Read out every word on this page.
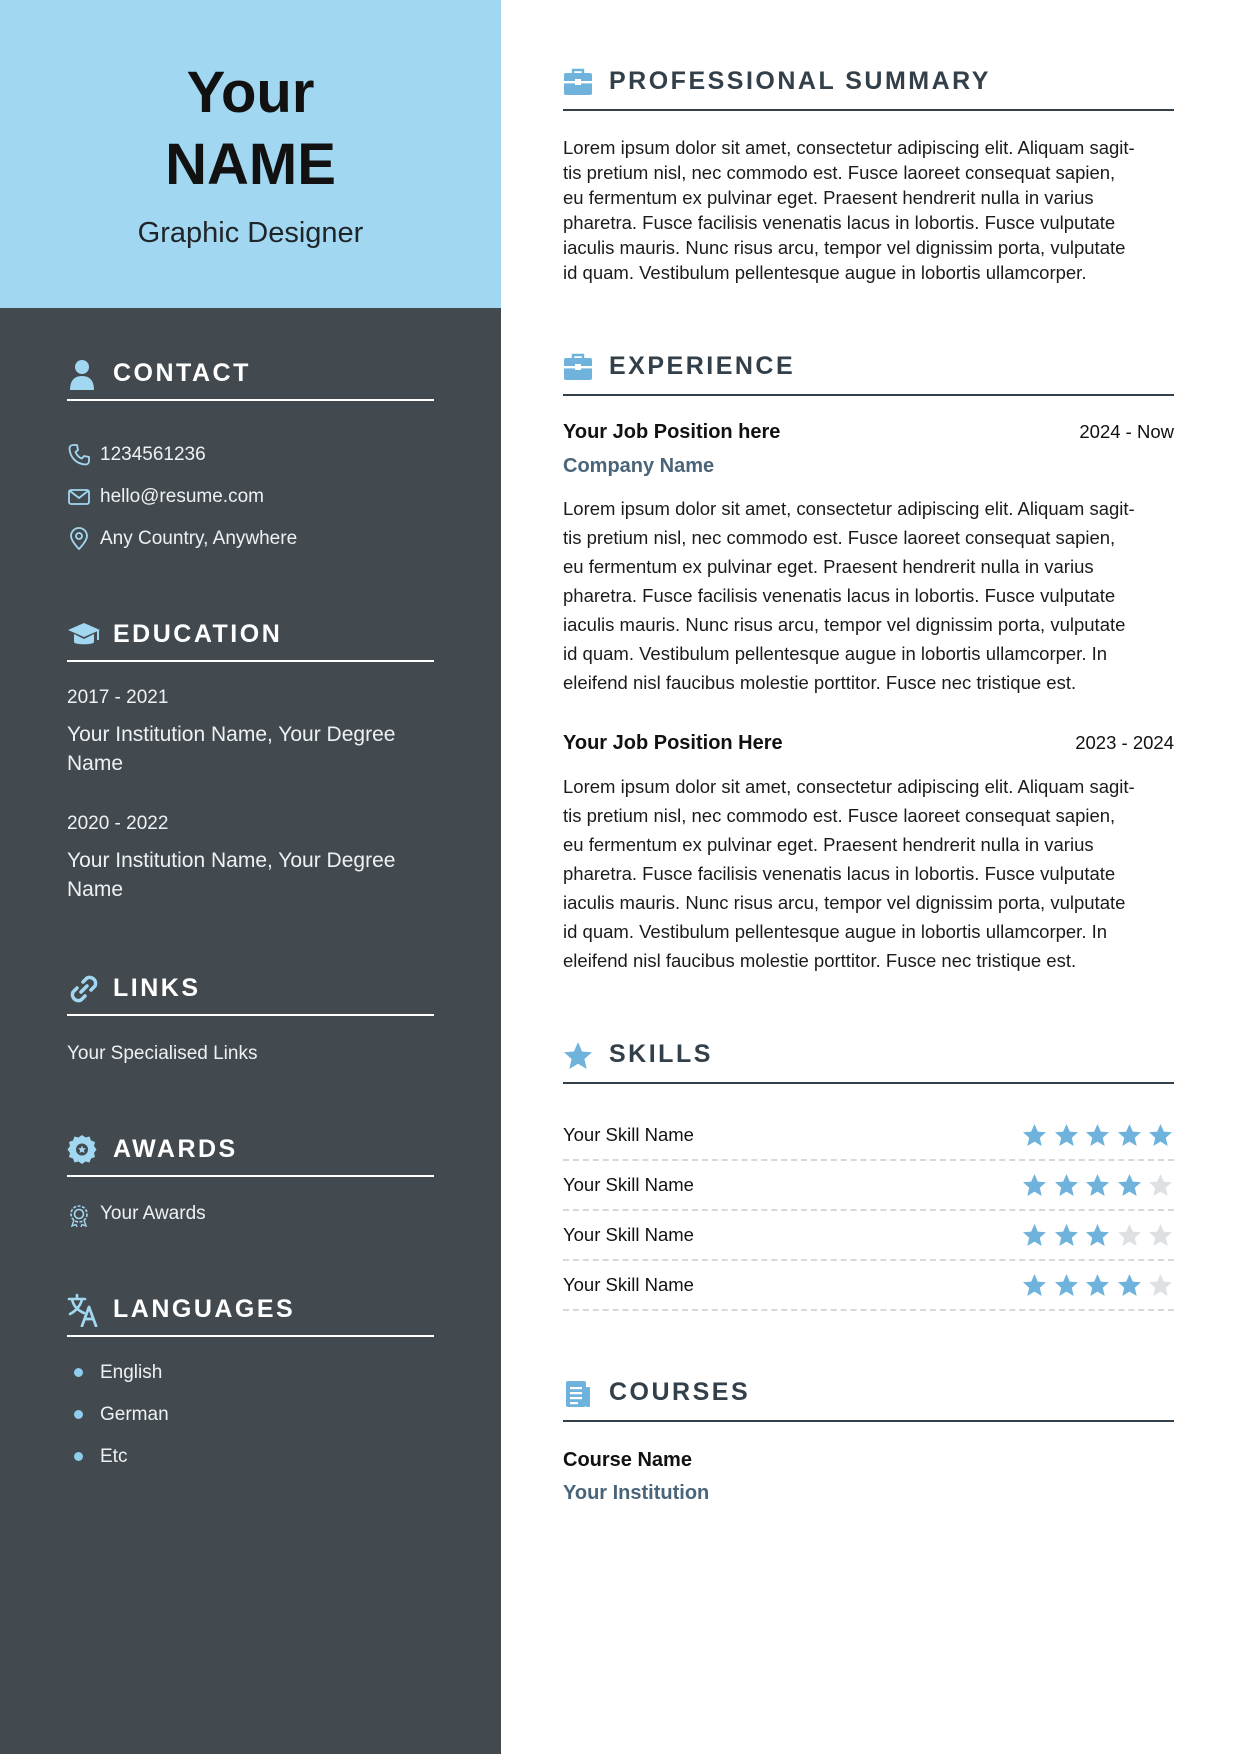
Your
NAME
Graphic Designer
CONTACT
1234561236
hello@resume.com
Any Country, Anywhere
EDUCATION
2017 - 2021
Your Institution Name, Your Degree Name
2020 - 2022
Your Institution Name, Your Degree Name
LINKS
Your Specialised Links
AWARDS
Your Awards
LANGUAGES
English
German
Etc
PROFESSIONAL SUMMARY
Lorem ipsum dolor sit amet, consectetur adipiscing elit. Aliquam sagit-
tis pretium nisl, nec commodo est. Fusce laoreet consequat sapien,
eu fermentum ex pulvinar eget. Praesent hendrerit nulla in varius
pharetra. Fusce facilisis venenatis lacus in lobortis. Fusce vulputate
iaculis mauris. Nunc risus arcu, tempor vel dignissim porta, vulputate
id quam. Vestibulum pellentesque augue in lobortis ullamcorper.
EXPERIENCE
Your Job Position here	2024 - Now
Company Name
Lorem ipsum dolor sit amet, consectetur adipiscing elit. Aliquam sagit-
tis pretium nisl, nec commodo est. Fusce laoreet consequat sapien,
eu fermentum ex pulvinar eget. Praesent hendrerit nulla in varius
pharetra. Fusce facilisis venenatis lacus in lobortis. Fusce vulputate
iaculis mauris. Nunc risus arcu, tempor vel dignissim porta, vulputate
id quam. Vestibulum pellentesque augue in lobortis ullamcorper. In
eleifend nisl faucibus molestie porttitor. Fusce nec tristique est.
Your Job Position Here	2023 - 2024
Lorem ipsum dolor sit amet, consectetur adipiscing elit. Aliquam sagit-
tis pretium nisl, nec commodo est. Fusce laoreet consequat sapien,
eu fermentum ex pulvinar eget. Praesent hendrerit nulla in varius
pharetra. Fusce facilisis venenatis lacus in lobortis. Fusce vulputate
iaculis mauris. Nunc risus arcu, tempor vel dignissim porta, vulputate
id quam. Vestibulum pellentesque augue in lobortis ullamcorper. In
eleifend nisl faucibus molestie porttitor. Fusce nec tristique est.
SKILLS
Your Skill Name
Your Skill Name
Your Skill Name
Your Skill Name
COURSES
Course Name
Your Institution
